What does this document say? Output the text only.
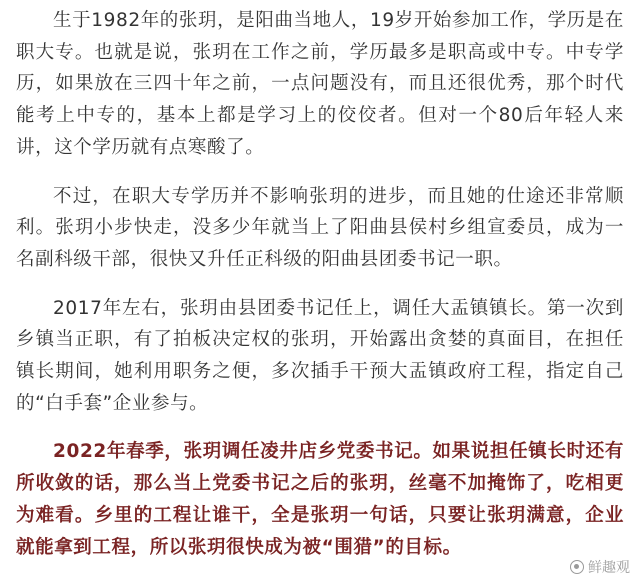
生于1982年的张玥，是阳曲当地人，19岁开始参加工作，学历是在职大专。也就是说，张玥在工作之前，学历最多是职高或中专。中专学历，如果放在三四十年之前，一点问题没有，而且还很优秀，那个时代能考上中专的，基本上都是学习上的佼佼者。但对一个80后年轻人来讲，这个学历就有点寒酸了。

不过，在职大专学历并不影响张玥的进步，而且她的仕途还非常顺利。张玥小步快走，没多少年就当上了阳曲县侯村乡组宣委员，成为一名副科级干部，很快又升任正科级的阳曲县团委书记一职。

2017年左右，张玥由县团委书记任上，调任大盂镇镇长。第一次到乡镇当正职，有了拍板决定权的张玥，开始露出贪婪的真面目，在担任镇长期间，她利用职务之便，多次插手干预大盂镇政府工程，指定自己的“白手套”企业参与。

2022年春季，张玥调任凌井店乡党委书记。如果说担任镇长时还有所收敛的话，那么当上党委书记之后的张玥，丝毫不加掩饰了，吃相更为难看。乡里的工程让谁干，全是张玥一句话，只要让张玥满意，企业就能拿到工程，所以张玥很快成为被“围猎”的目标。

鲜趣观
